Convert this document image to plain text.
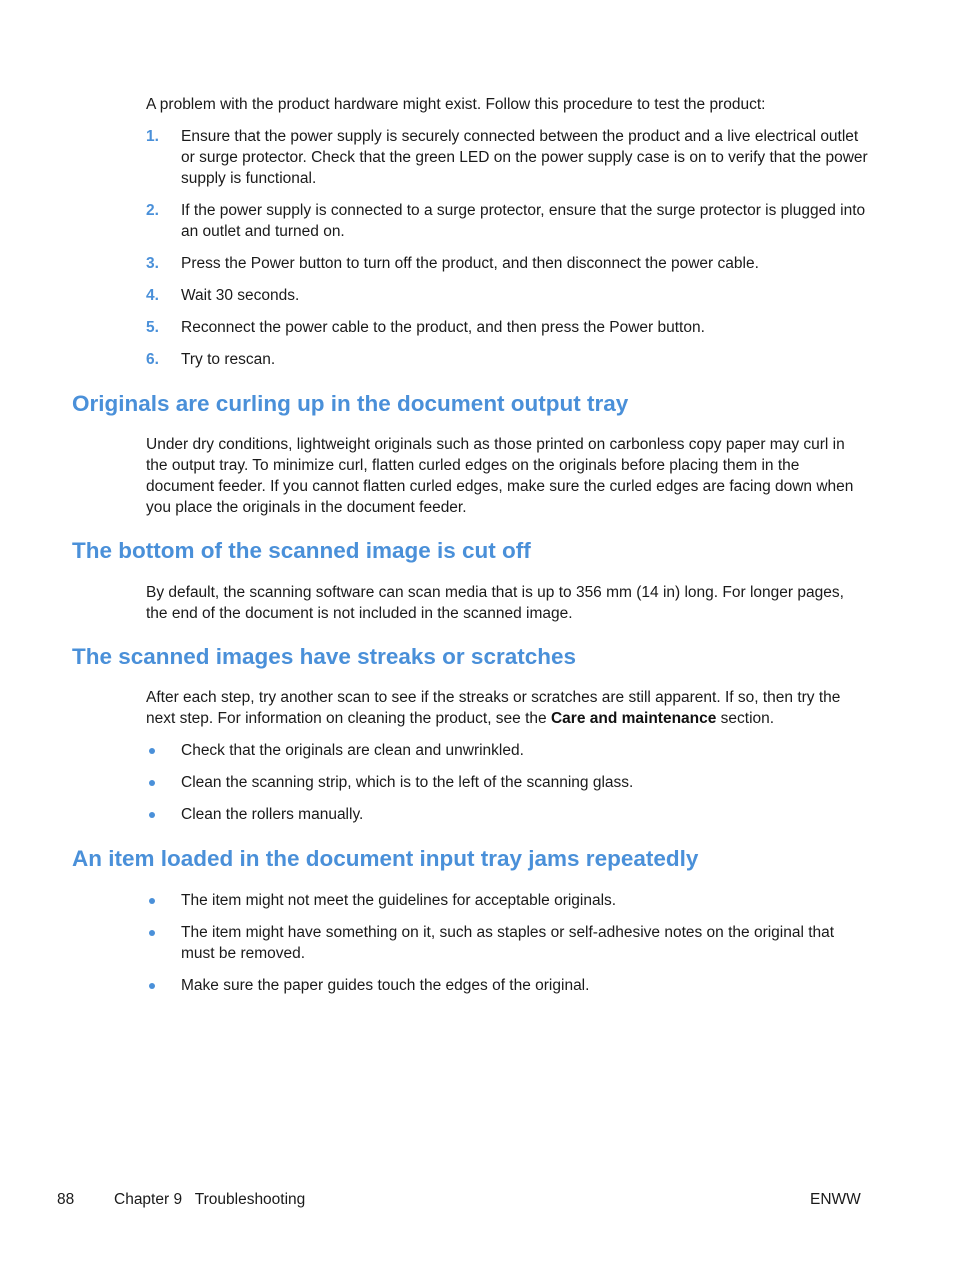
A problem with the product hardware might exist. Follow this procedure to test the product:

1. Ensure that the power supply is securely connected between the product and a live electrical outlet or surge protector. Check that the green LED on the power supply case is on to verify that the power supply is functional.
2. If the power supply is connected to a surge protector, ensure that the surge protector is plugged into an outlet and turned on.
3. Press the Power button to turn off the product, and then disconnect the power cable.
4. Wait 30 seconds.
5. Reconnect the power cable to the product, and then press the Power button.
6. Try to rescan.
Originals are curling up in the document output tray

Under dry conditions, lightweight originals such as those printed on carbonless copy paper may curl in the output tray. To minimize curl, flatten curled edges on the originals before placing them in the document feeder. If you cannot flatten curled edges, make sure the curled edges are facing down when you place the originals in the document feeder.

The bottom of the scanned image is cut off

By default, the scanning software can scan media that is up to 356 mm (14 in) long. For longer pages, the end of the document is not included in the scanned image.

The scanned images have streaks or scratches

After each step, try another scan to see if the streaks or scratches are still apparent. If so, then try the next step. For information on cleaning the product, see the Care and maintenance section.

Check that the originals are clean and unwrinkled.
Clean the scanning strip, which is to the left of the scanning glass.
Clean the rollers manually.
An item loaded in the document input tray jams repeatedly
The item might not meet the guidelines for acceptable originals.
The item might have something on it, such as staples or self-adhesive notes on the original that must be removed.
Make sure the paper guides touch the edges of the original.
88	Chapter 9   Troubleshooting	ENWW
